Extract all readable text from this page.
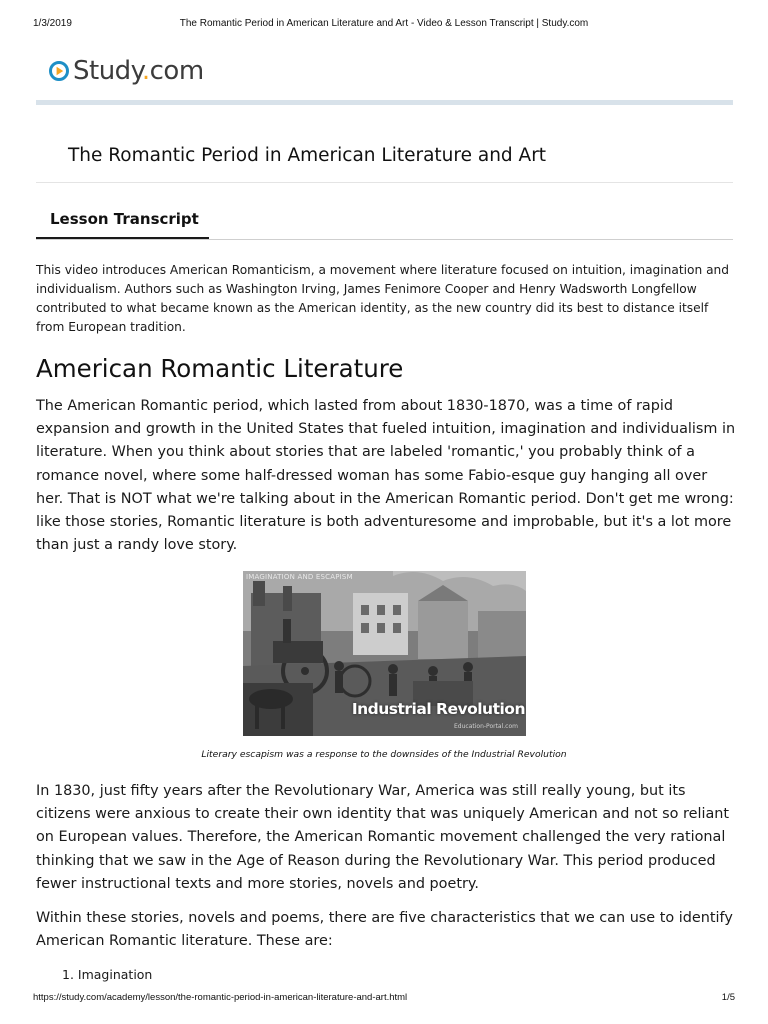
1/3/2019	The Romantic Period in American Literature and Art - Video & Lesson Transcript | Study.com
Study.com
The Romantic Period in American Literature and Art
Lesson Transcript

This video introduces American Romanticism, a movement where literature focused on intuition, imagination and individualism. Authors such as Washington Irving, James Fenimore Cooper and Henry Wadsworth Longfellow contributed to what became known as the American identity, as the new country did its best to distance itself from European tradition.

American Romantic Literature

The American Romantic period, which lasted from about 1830-1870, was a time of rapid expansion and growth in the United States that fueled intuition, imagination and individualism in literature. When you think about stories that are labeled 'romantic,' you probably think of a romance novel, where some half-dressed woman has some Fabio-esque guy hanging all over her. That is NOT what we're talking about in the American Romantic period. Don't get me wrong: like those stories, Romantic literature is both adventuresome and improbable, but it's a lot more than just a randy love story.

IMAGINATION AND ESCAPISM
Industrial Revolution
Education-Portal.com
Literary escapism was a response to the downsides of the Industrial Revolution

In 1830, just fifty years after the Revolutionary War, America was still really young, but its citizens were anxious to create their own identity that was uniquely American and not so reliant on European values. Therefore, the American Romantic movement challenged the very rational thinking that we saw in the Age of Reason during the Revolutionary War. This period produced fewer instructional texts and more stories, novels and poetry.

Within these stories, novels and poems, there are five characteristics that we can use to identify American Romantic literature. These are:

1. Imagination
https://study.com/academy/lesson/the-romantic-period-in-american-literature-and-art.html	1/5
